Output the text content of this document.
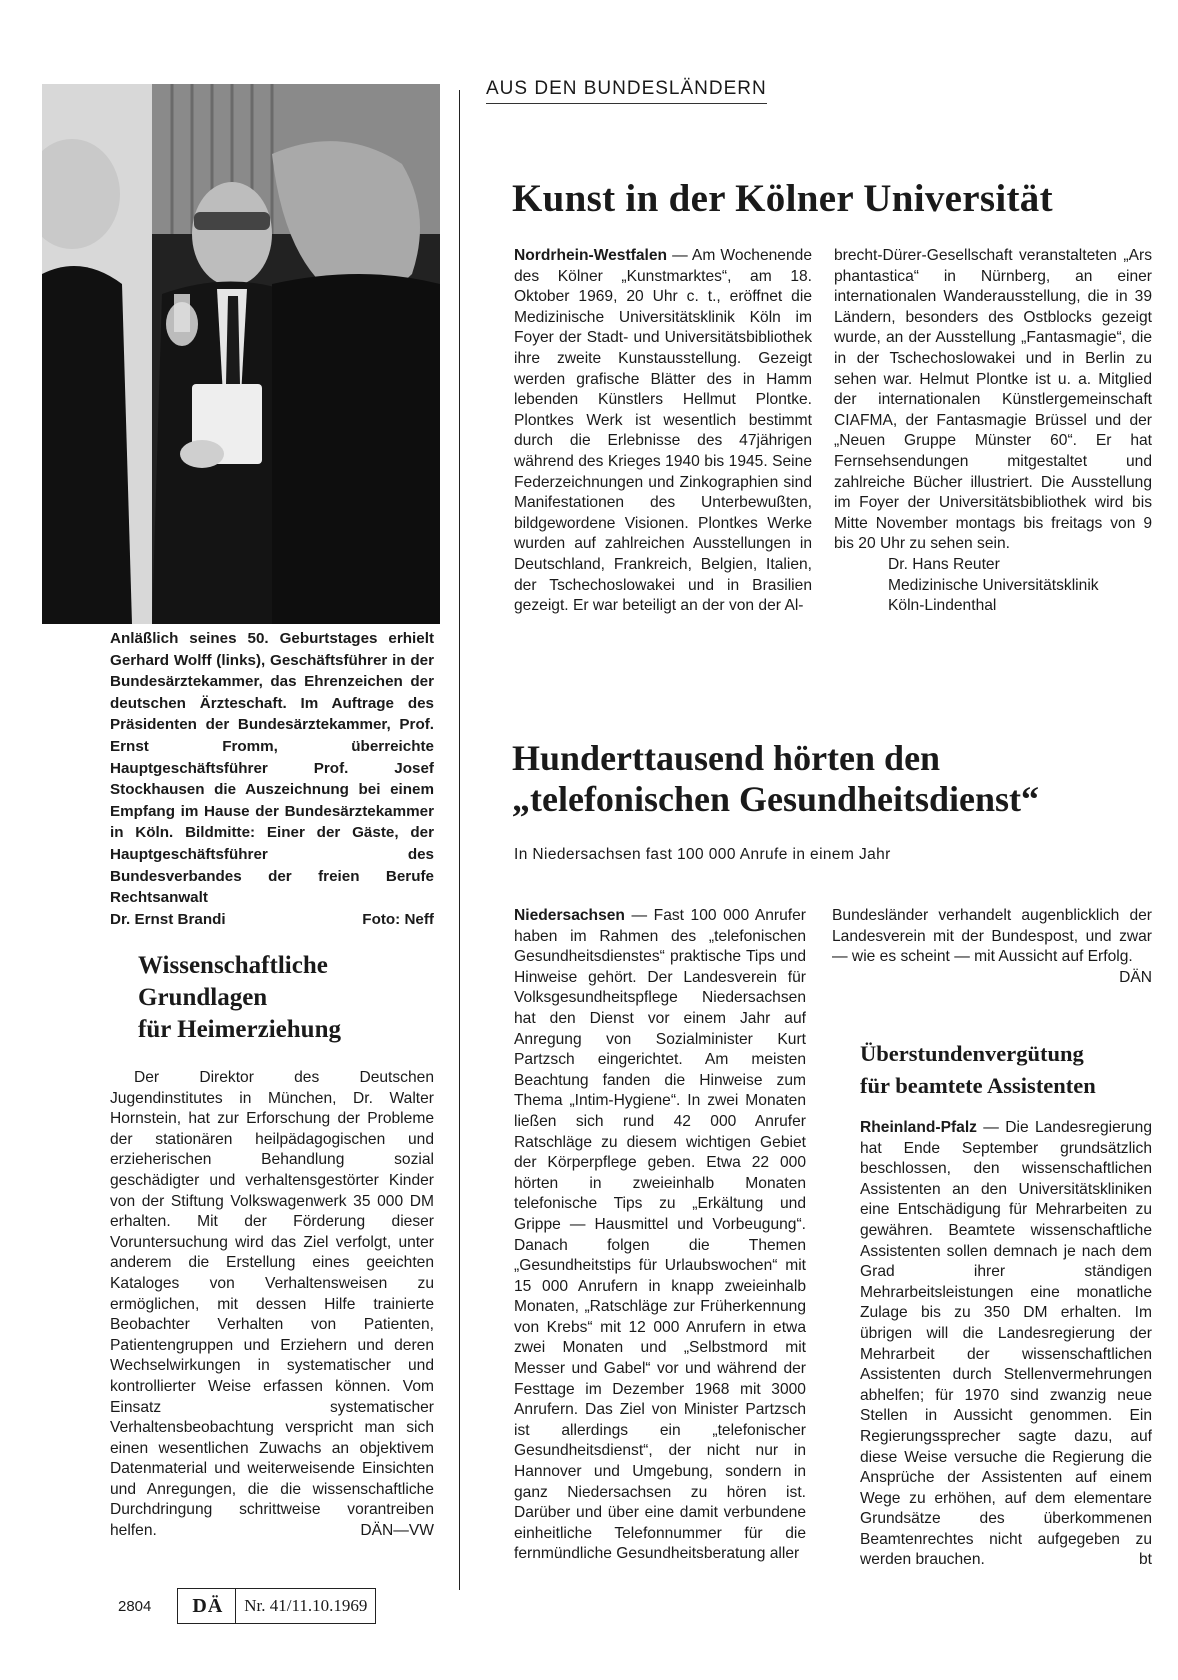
Anläßlich seines 50. Geburtstages erhielt Gerhard Wolff (links), Geschäftsführer in der Bundesärztekammer, das Ehrenzeichen der deutschen Ärzteschaft. Im Auftrage des Präsidenten der Bundesärztekammer, Prof. Ernst Fromm, überreichte Hauptgeschäftsführer Prof. Josef Stockhausen die Auszeichnung bei einem Empfang im Hause der Bundesärztekammer in Köln. Bildmitte: Einer der Gäste, der Hauptgeschäftsführer des Bundesverbandes der freien Berufe Rechtsanwalt
Dr. Ernst Brandi	Foto: Neff
AUS DEN BUNDESLÄNDERN
Kunst in der Kölner Universität

Nordrhein-Westfalen — Am Wochenende des Kölner „Kunstmarktes“, am 18. Oktober 1969, 20 Uhr c. t., eröffnet die Medizinische Universitätsklinik Köln im Foyer der Stadt- und Universitätsbibliothek ihre zweite Kunstausstellung. Gezeigt werden grafische Blätter des in Hamm lebenden Künstlers Hellmut Plontke. Plontkes Werk ist wesentlich bestimmt durch die Erlebnisse des 47jährigen während des Krieges 1940 bis 1945. Seine Federzeichnungen und Zinkographien sind Manifestationen des Unterbewußten, bildgewordene Visionen. Plontkes Werke wurden auf zahlreichen Ausstellungen in Deutschland, Frankreich, Belgien, Italien, der Tschechoslowakei und in Brasilien gezeigt. Er war beteiligt an der von der Al-

brecht-Dürer-Gesellschaft veranstalteten „Ars phantastica“ in Nürnberg, an einer internationalen Wanderausstellung, die in 39 Ländern, besonders des Ostblocks gezeigt wurde, an der Ausstellung „Fantasmagie“, die in der Tschechoslowakei und in Berlin zu sehen war. Helmut Plontke ist u. a. Mitglied der internationalen Künstlergemeinschaft CIAFMA, der Fantasmagie Brüssel und der „Neuen Gruppe Münster 60“. Er hat Fernsehsendungen mitgestaltet und zahlreiche Bücher illustriert. Die Ausstellung im Foyer der Universitätsbibliothek wird bis Mitte November montags bis freitags von 9 bis 20 Uhr zu sehen sein.

Dr. Hans Reuter

Medizinische Universitätsklinik

Köln-Lindenthal

Hunderttausend hörten den
„telefonischen Gesundheitsdienst“
In Niedersachsen fast 100 000 Anrufe in einem Jahr

Niedersachsen — Fast 100 000 Anrufer haben im Rahmen des „telefonischen Gesundheitsdienstes“ praktische Tips und Hinweise gehört. Der Landesverein für Volksgesundheitspflege Niedersachsen hat den Dienst vor einem Jahr auf Anregung von Sozialminister Kurt Partzsch eingerichtet. Am meisten Beachtung fanden die Hinweise zum Thema „Intim-Hygiene“. In zwei Monaten ließen sich rund 42 000 Anrufer Ratschläge zu diesem wichtigen Gebiet der Körperpflege geben. Etwa 22 000 hörten in zweieinhalb Monaten telefonische Tips zu „Erkältung und Grippe — Hausmittel und Vorbeugung“. Danach folgen die Themen „Gesundheitstips für Urlaubswochen“ mit 15 000 Anrufern in knapp zweieinhalb Monaten, „Ratschläge zur Früherkennung von Krebs“ mit 12 000 Anrufern in etwa zwei Monaten und „Selbstmord mit Messer und Gabel“ vor und während der Festtage im Dezember 1968 mit 3000 Anrufern. Das Ziel von Minister Partzsch ist allerdings ein „telefonischer Gesundheitsdienst“, der nicht nur in Hannover und Umgebung, sondern in ganz Niedersachsen zu hören ist. Darüber und über eine damit verbundene einheitliche Telefonnummer für die fernmündliche Gesundheitsberatung aller

Bundesländer verhandelt augenblicklich der Landesverein mit der Bundespost, und zwar — wie es scheint — mit Aussicht auf Erfolg.
DÄN

Wissenschaftliche
Grundlagen
für Heimerziehung

Der Direktor des Deutschen Jugendinstitutes in München, Dr. Walter Hornstein, hat zur Erforschung der Probleme der stationären heilpädagogischen und erzieherischen Behandlung sozial geschädigter und verhaltensgestörter Kinder von der Stiftung Volkswagenwerk 35 000 DM erhalten. Mit der Förderung dieser Voruntersuchung wird das Ziel verfolgt, unter anderem die Erstellung eines geeichten Kataloges von Verhaltensweisen zu ermöglichen, mit dessen Hilfe trainierte Beobachter Verhalten von Patienten, Patientengruppen und Erziehern und deren Wechselwirkungen in systematischer und kontrollierter Weise erfassen können. Vom Einsatz systematischer Verhaltensbeobachtung verspricht man sich einen wesentlichen Zuwachs an objektivem Datenmaterial und weiterweisende Einsichten und Anregungen, die die wissenschaftliche Durchdringung schrittweise vorantreiben helfen.	DÄN—VW

Überstundenvergütung
für beamtete Assistenten

Rheinland-Pfalz — Die Landesregierung hat Ende September grundsätzlich beschlossen, den wissenschaftlichen Assistenten an den Universitätskliniken eine Entschädigung für Mehrarbeiten zu gewähren. Beamtete wissenschaftliche Assistenten sollen demnach je nach dem Grad ihrer ständigen Mehrarbeitsleistungen eine monatliche Zulage bis zu 350 DM erhalten. Im übrigen will die Landesregierung der Mehrarbeit der wissenschaftlichen Assistenten durch Stellenvermehrungen abhelfen; für 1970 sind zwanzig neue Stellen in Aussicht genommen. Ein Regierungssprecher sagte dazu, auf diese Weise versuche die Regierung die Ansprüche der Assistenten auf einem Wege zu erhöhen, auf dem elementare Grundsätze des überkommenen Beamtenrechtes nicht aufgegeben zu werden brauchen.	bt

2804	DÄ	Nr. 41/11.10.1969
